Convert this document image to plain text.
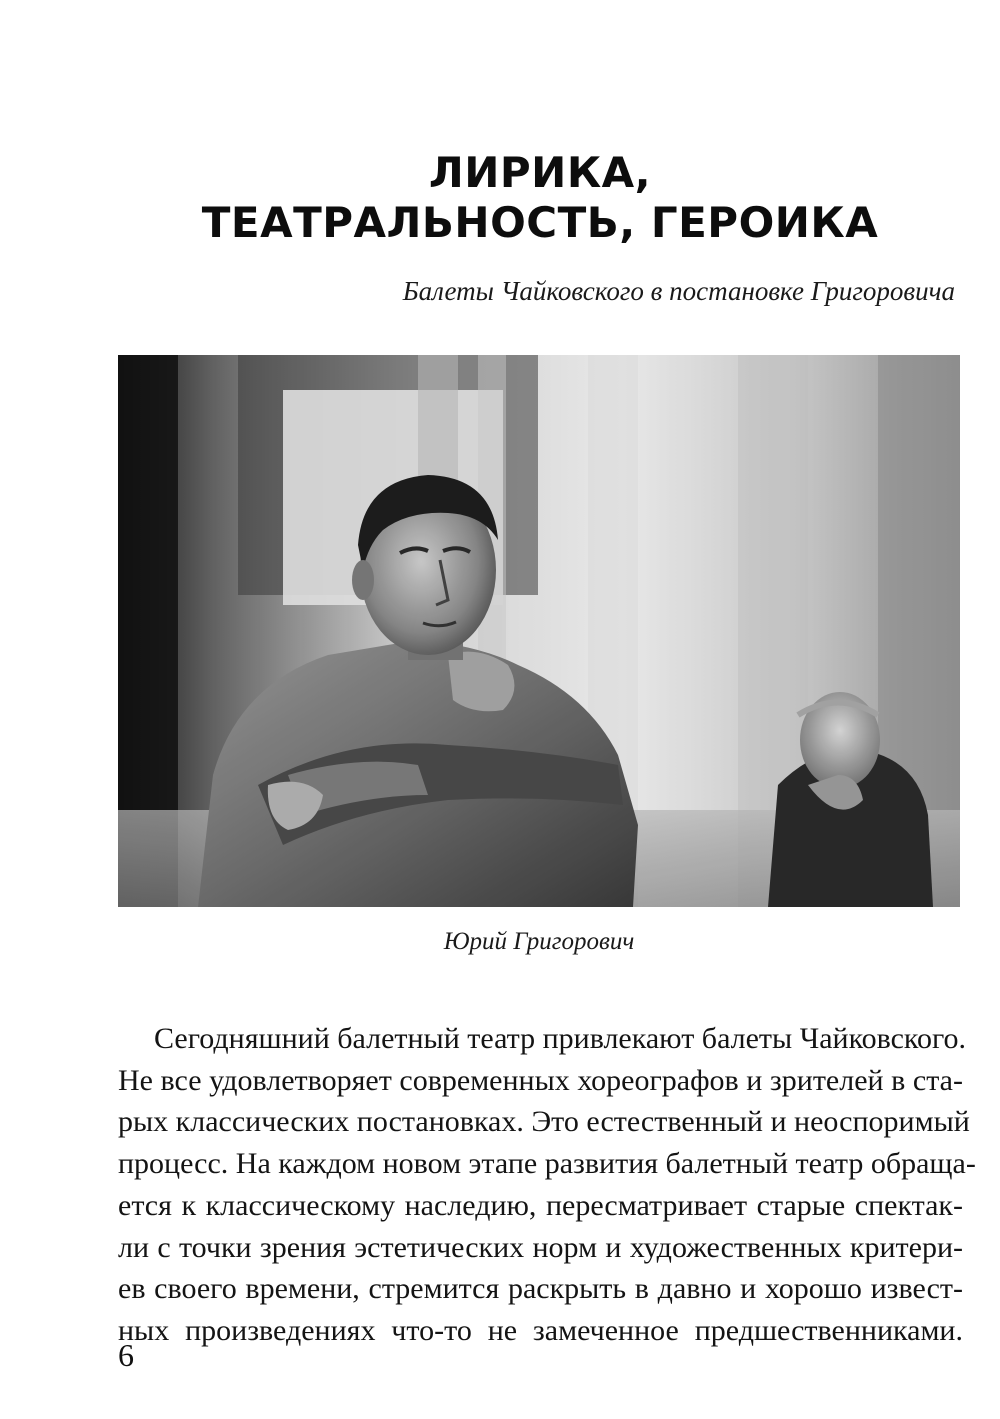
ЛИРИКА,
ТЕАТРАЛЬНОСТЬ, ГЕРОИКА
Балеты Чайковского в постановке Григоровича
Юрий Григорович
Сегодняшний балетный театр привлекают балеты Чайковского.
Не все удовлетворяет современных хореографов и зрителей в ста-
рых классических постановках. Это естественный и неоспоримый
процесс. На каждом новом этапе развития балетный театр обраща-
ется к классическому наследию, пересматривает старые спектак-
ли с точки зрения эстетических норм и художественных критери-
ев своего времени, стремится раскрыть в давно и хорошо извест-
ных произведениях что-то не замеченное предшественниками.
6
